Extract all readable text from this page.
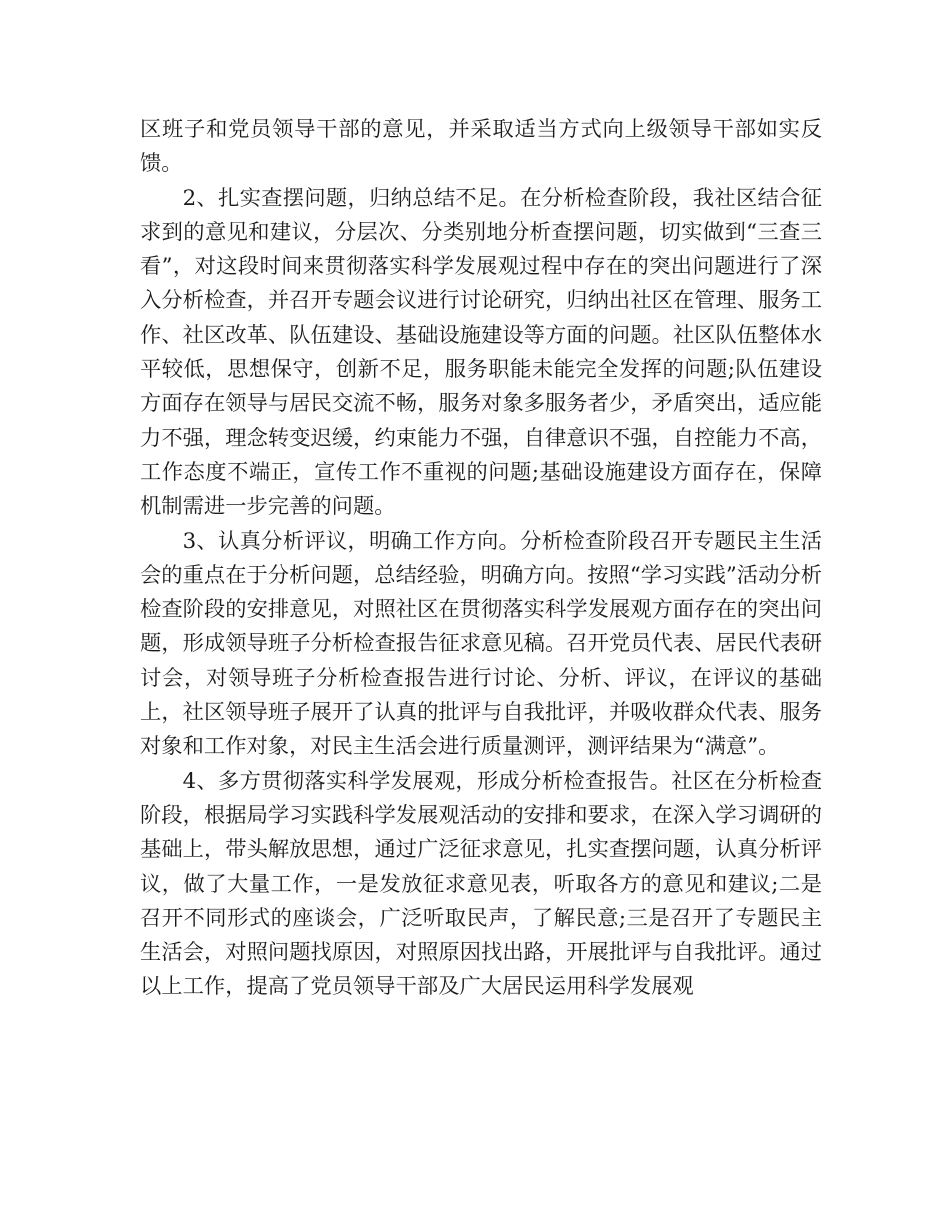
区班子和党员领导干部的意见，并采取适当方式向上级领导干部如实反馈。

2、扎实查摆问题，归纳总结不足。在分析检查阶段，我社区结合征求到的意见和建议，分层次、分类别地分析查摆问题，切实做到“三查三看”，对这段时间来贯彻落实科学发展观过程中存在的突出问题进行了深入分析检查，并召开专题会议进行讨论研究，归纳出社区在管理、服务工作、社区改革、队伍建设、基础设施建设等方面的问题。社区队伍整体水平较低，思想保守，创新不足，服务职能未能完全发挥的问题;队伍建设方面存在领导与居民交流不畅，服务对象多服务者少，矛盾突出，适应能力不强，理念转变迟缓，约束能力不强，自律意识不强，自控能力不高，工作态度不端正，宣传工作不重视的问题;基础设施建设方面存在，保障机制需进一步完善的问题。

3、认真分析评议，明确工作方向。分析检查阶段召开专题民主生活会的重点在于分析问题，总结经验，明确方向。按照“学习实践”活动分析检查阶段的安排意见，对照社区在贯彻落实科学发展观方面存在的突出问题，形成领导班子分析检查报告征求意见稿。召开党员代表、居民代表研讨会，对领导班子分析检查报告进行讨论、分析、评议，在评议的基础上，社区领导班子展开了认真的批评与自我批评，并吸收群众代表、服务对象和工作对象，对民主生活会进行质量测评，测评结果为“满意”。

4、多方贯彻落实科学发展观，形成分析检查报告。社区在分析检查阶段，根据局学习实践科学发展观活动的安排和要求，在深入学习调研的基础上，带头解放思想，通过广泛征求意见，扎实查摆问题，认真分析评议，做了大量工作，一是发放征求意见表，听取各方的意见和建议;二是召开不同形式的座谈会，广泛听取民声，了解民意;三是召开了专题民主生活会，对照问题找原因，对照原因找出路，开展批评与自我批评。通过以上工作，提高了党员领导干部及广大居民运用科学发展观
